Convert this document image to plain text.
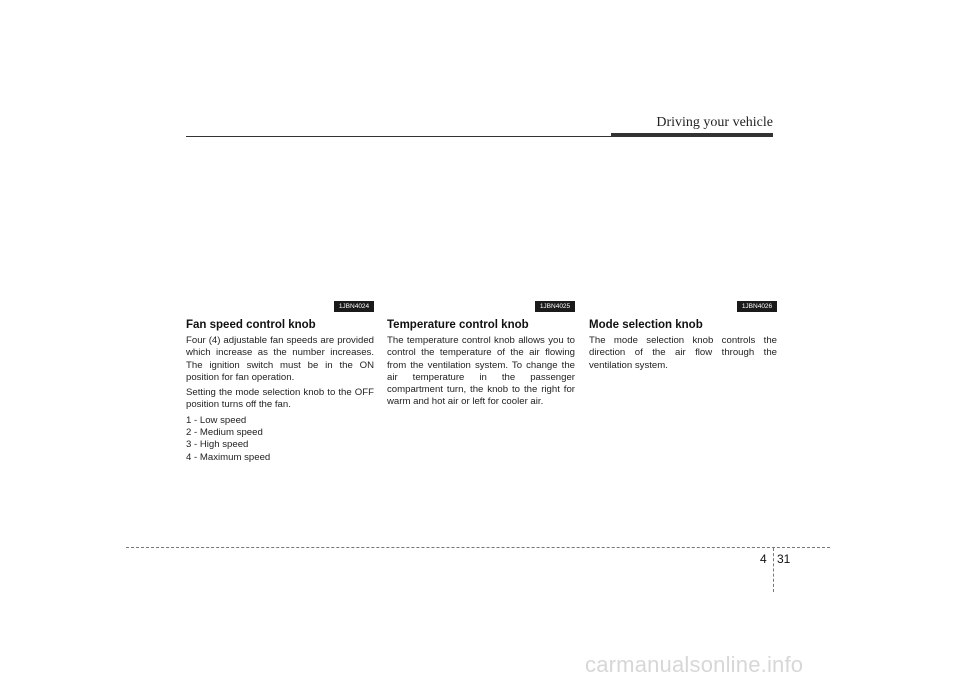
Driving your vehicle
1JBN4024
Fan speed control knob

Four (4) adjustable fan speeds are provided which increase as the number increases. The ignition switch must be in the ON position for fan operation.

Setting the mode selection knob to the OFF position turns off the fan.

1 - Low speed
2 - Medium speed
3 - High speed
4 - Maximum speed
1JBN4025
Temperature control knob

The temperature control knob allows you to control the temperature of the air flowing from the ventilation system. To change the air temperature in the passenger compartment turn, the knob to the right for warm and hot air or left for cooler air.

1JBN4026
Mode selection knob

The mode selection knob controls the direction of the air flow through the ventilation system.

4 31
carmanualsonline.info
